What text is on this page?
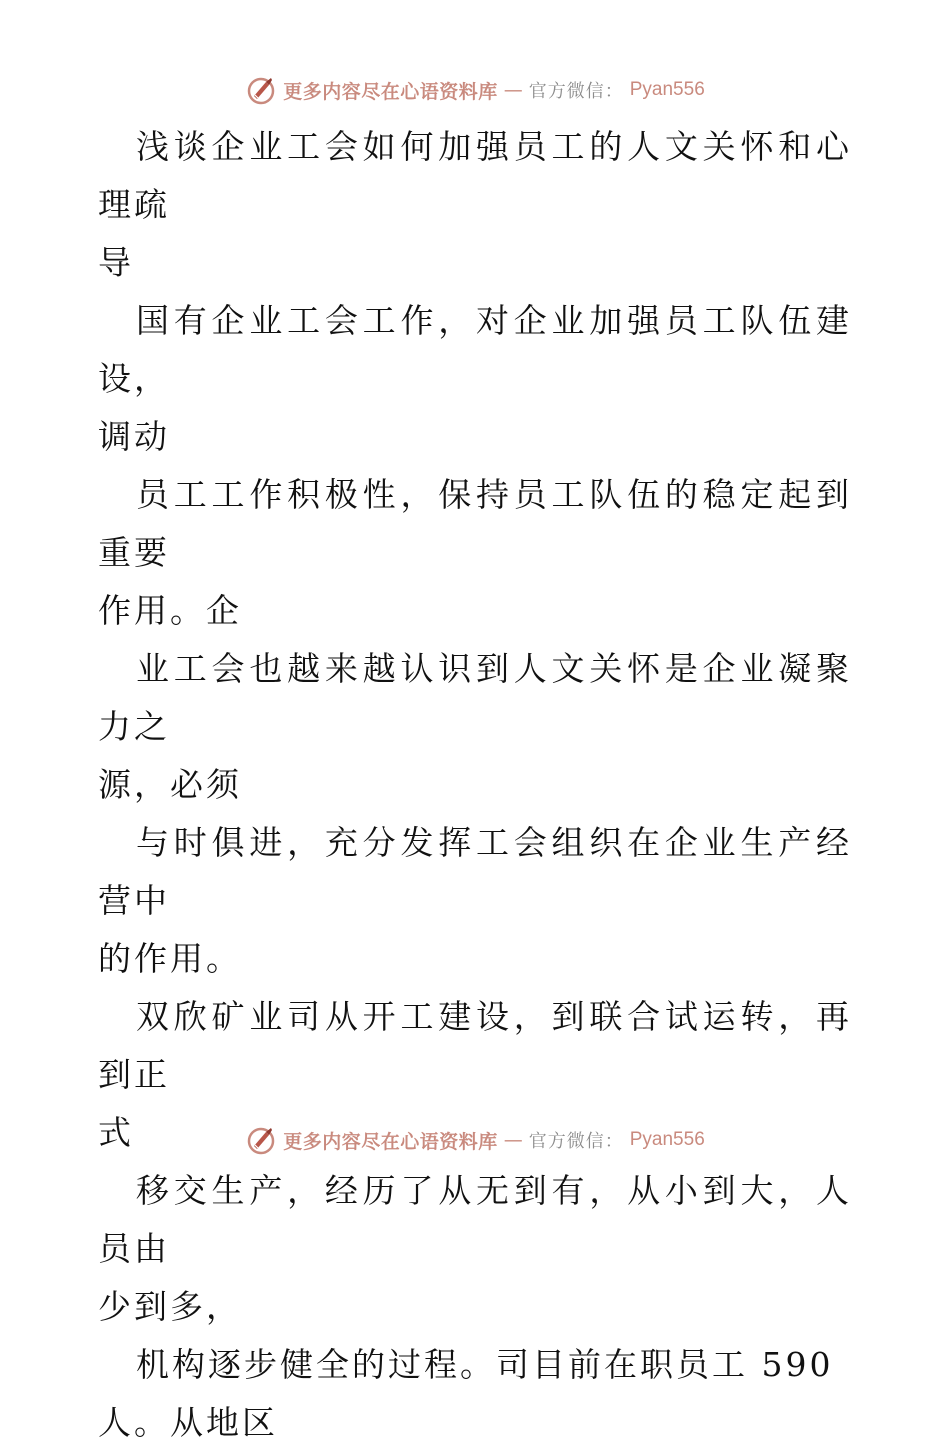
更多内容尽在心语资料库 — 官方微信： Pyan556

浅谈企业工会如何加强员工的人文关怀和心理疏
导

国有企业工会工作，对企业加强员工队伍建设，
调动

员工工作积极性，保持员工队伍的稳定起到重要
作用。企

业工会也越来越认识到人文关怀是企业凝聚力之
源，必须

与时俱进，充分发挥工会组织在企业生产经营中
的作用。

双欣矿业司从开工建设，到联合试运转，再到正
式

移交生产，经历了从无到有，从小到大，人员由
少到多，

机构逐步健全的过程。司目前在职员工 590
人。从地区

更多内容尽在心语资料库 — 官方微信： Pyan556
